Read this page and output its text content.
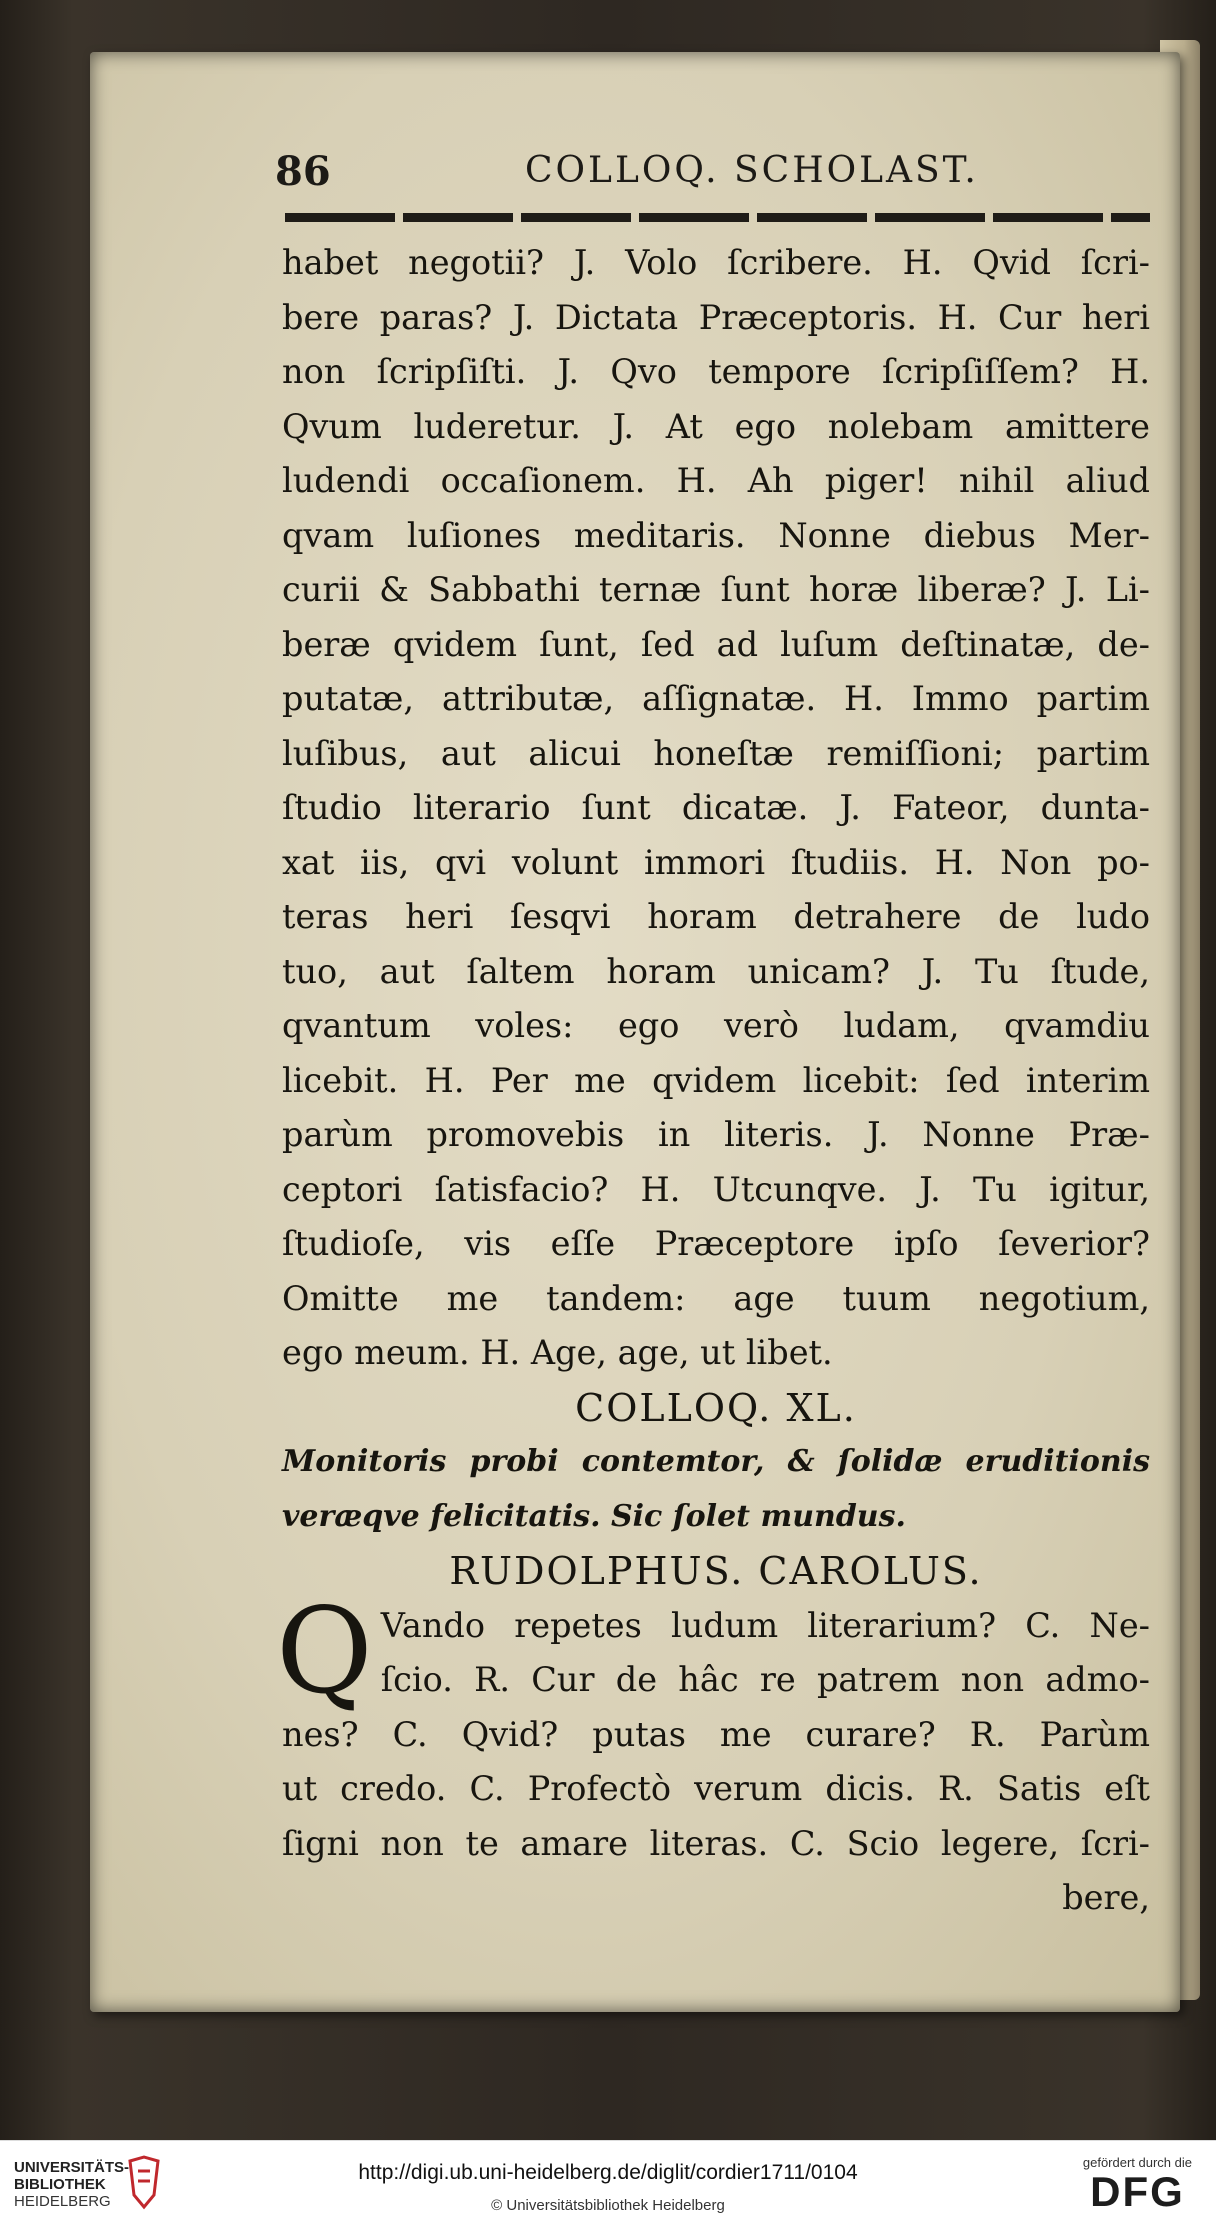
86	COLLOQ. SCHOLAST.
habet negotii? J. Volo ſcribere. H. Qvid ſcri-
bere paras? J. Dictata Præceptoris. H. Cur heri
non ſcripſiſti. J. Qvo tempore ſcripſiſſem? H.
Qvum luderetur. J. At ego nolebam amittere
ludendi occaſionem. H. Ah piger! nihil aliud
qvam luſiones meditaris. Nonne diebus Mer-
curii & Sabbathi ternæ ſunt horæ liberæ? J. Li-
beræ qvidem ſunt, ſed ad luſum deſtinatæ, de-
putatæ, attributæ, aſſignatæ. H. Immo partim
luſibus, aut alicui honeſtæ remiſſioni; partim
ſtudio literario ſunt dicatæ. J. Fateor, dunta-
xat iis, qvi volunt immori ſtudiis. H. Non po-
teras heri ſesqvi horam detrahere de ludo
tuo, aut ſaltem horam unicam? J. Tu ſtude,
qvantum voles: ego verò ludam, qvamdiu
licebit. H. Per me qvidem licebit: ſed interim
parùm promovebis in literis. J. Nonne Præ-
ceptori ſatisfacio? H. Utcunqve. J. Tu igitur,
ſtudioſe, vis eſſe Præceptore ipſo ſeverior?
Omitte me tandem: age tuum negotium,
ego meum. H. Age, age, ut libet.
COLLOQ. XL.
Monitoris probi contemtor, & ſolidæ eruditionis
veræqve felicitatis. Sic ſolet mundus.
RUDOLPHUS. CAROLUS.
Q Vando repetes ludum literarium? C. Ne-
ſcio. R. Cur de hâc re patrem non admo-
nes? C. Qvid? putas me curare? R. Parùm
ut credo. C. Profectò verum dicis. R. Satis eſt
ſigni non te amare literas. C. Scio legere, ſcri-
bere,
UNIVERSITÄTS-
BIBLIOTHEK
HEIDELBERG
http://digi.ub.uni-heidelberg.de/diglit/cordier1711/0104
© Universitätsbibliothek Heidelberg
gefördert durch die
DFG
